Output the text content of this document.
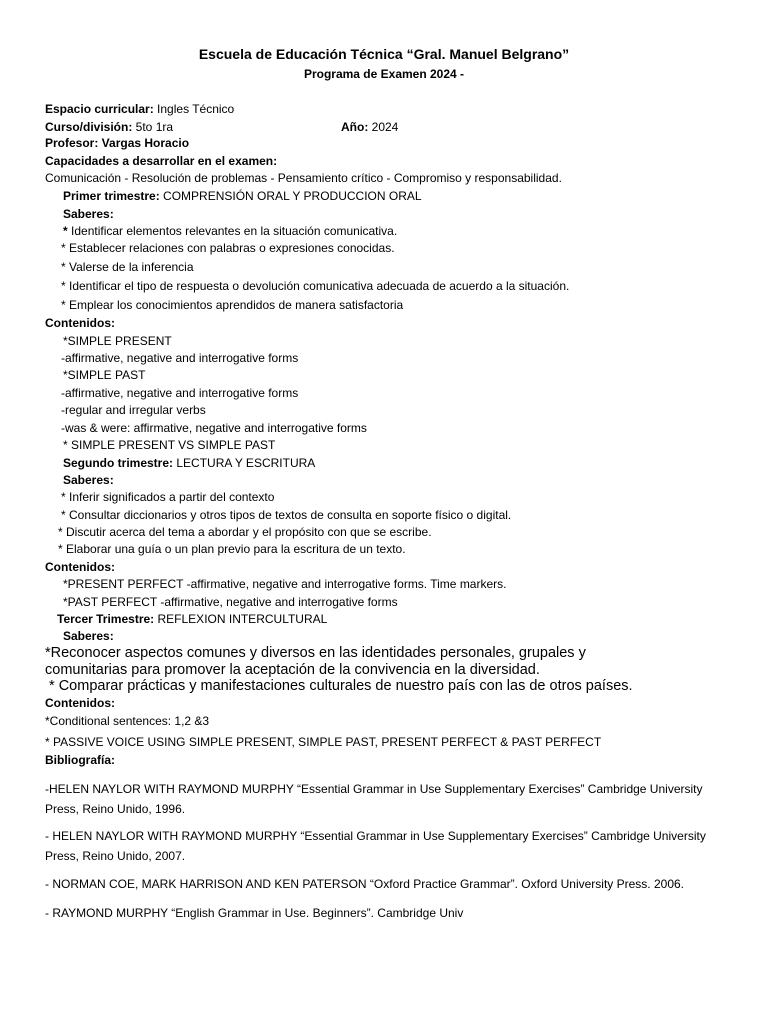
Escuela de Educación Técnica “Gral. Manuel Belgrano”
Programa de Examen 2024 -
Espacio curricular: Ingles Técnico
Curso/división: 5to 1ra	Año: 2024
Profesor: Vargas Horacio
Capacidades a desarrollar en el examen:
Comunicación - Resolución de problemas - Pensamiento crítico - Compromiso y responsabilidad.
Primer trimestre: COMPRENSIÓN ORAL Y PRODUCCION ORAL
Saberes:
* Identificar elementos relevantes en la situación comunicativa.
* Establecer relaciones con palabras o expresiones conocidas.
* Valerse de la inferencia
* Identificar el tipo de respuesta o devolución comunicativa adecuada de acuerdo a la situación.
* Emplear los conocimientos aprendidos de manera satisfactoria
Contenidos:
*SIMPLE PRESENT
-affirmative, negative and interrogative forms
*SIMPLE PAST
-affirmative, negative and interrogative forms
-regular and irregular verbs
-was & were: affirmative, negative and interrogative forms
* SIMPLE PRESENT VS SIMPLE PAST
Segundo trimestre: LECTURA Y ESCRITURA
Saberes:
* Inferir significados a partir del contexto
* Consultar diccionarios y otros tipos de textos de consulta en soporte físico o digital.
* Discutir acerca del tema a abordar y el propósito con que se escribe.
* Elaborar una guía o un plan previo para la escritura de un texto.
Contenidos:
*PRESENT PERFECT -affirmative, negative and interrogative forms. Time markers.
*PAST PERFECT -affirmative, negative and interrogative forms
Tercer Trimestre: REFLEXION INTERCULTURAL
Saberes:
*Reconocer aspectos comunes y diversos en las identidades personales, grupales y comunitarias para promover la aceptación de la convivencia en la diversidad.
* Comparar prácticas y manifestaciones culturales de nuestro país con las de otros países.
Contenidos:
*Conditional sentences: 1,2 &3
* PASSIVE VOICE USING SIMPLE PRESENT, SIMPLE PAST, PRESENT PERFECT & PAST PERFECT
Bibliografía:
-HELEN NAYLOR WITH RAYMOND MURPHY “Essential Grammar in Use Supplementary Exercises” Cambridge University Press, Reino Unido, 1996.
- HELEN NAYLOR WITH RAYMOND MURPHY “Essential Grammar in Use Supplementary Exercises” Cambridge University Press, Reino Unido, 2007.
- NORMAN COE, MARK HARRISON AND KEN PATERSON “Oxford Practice Grammar”. Oxford University Press. 2006.
- RAYMOND MURPHY “English Grammar in Use. Beginners”. Cambridge Univ
